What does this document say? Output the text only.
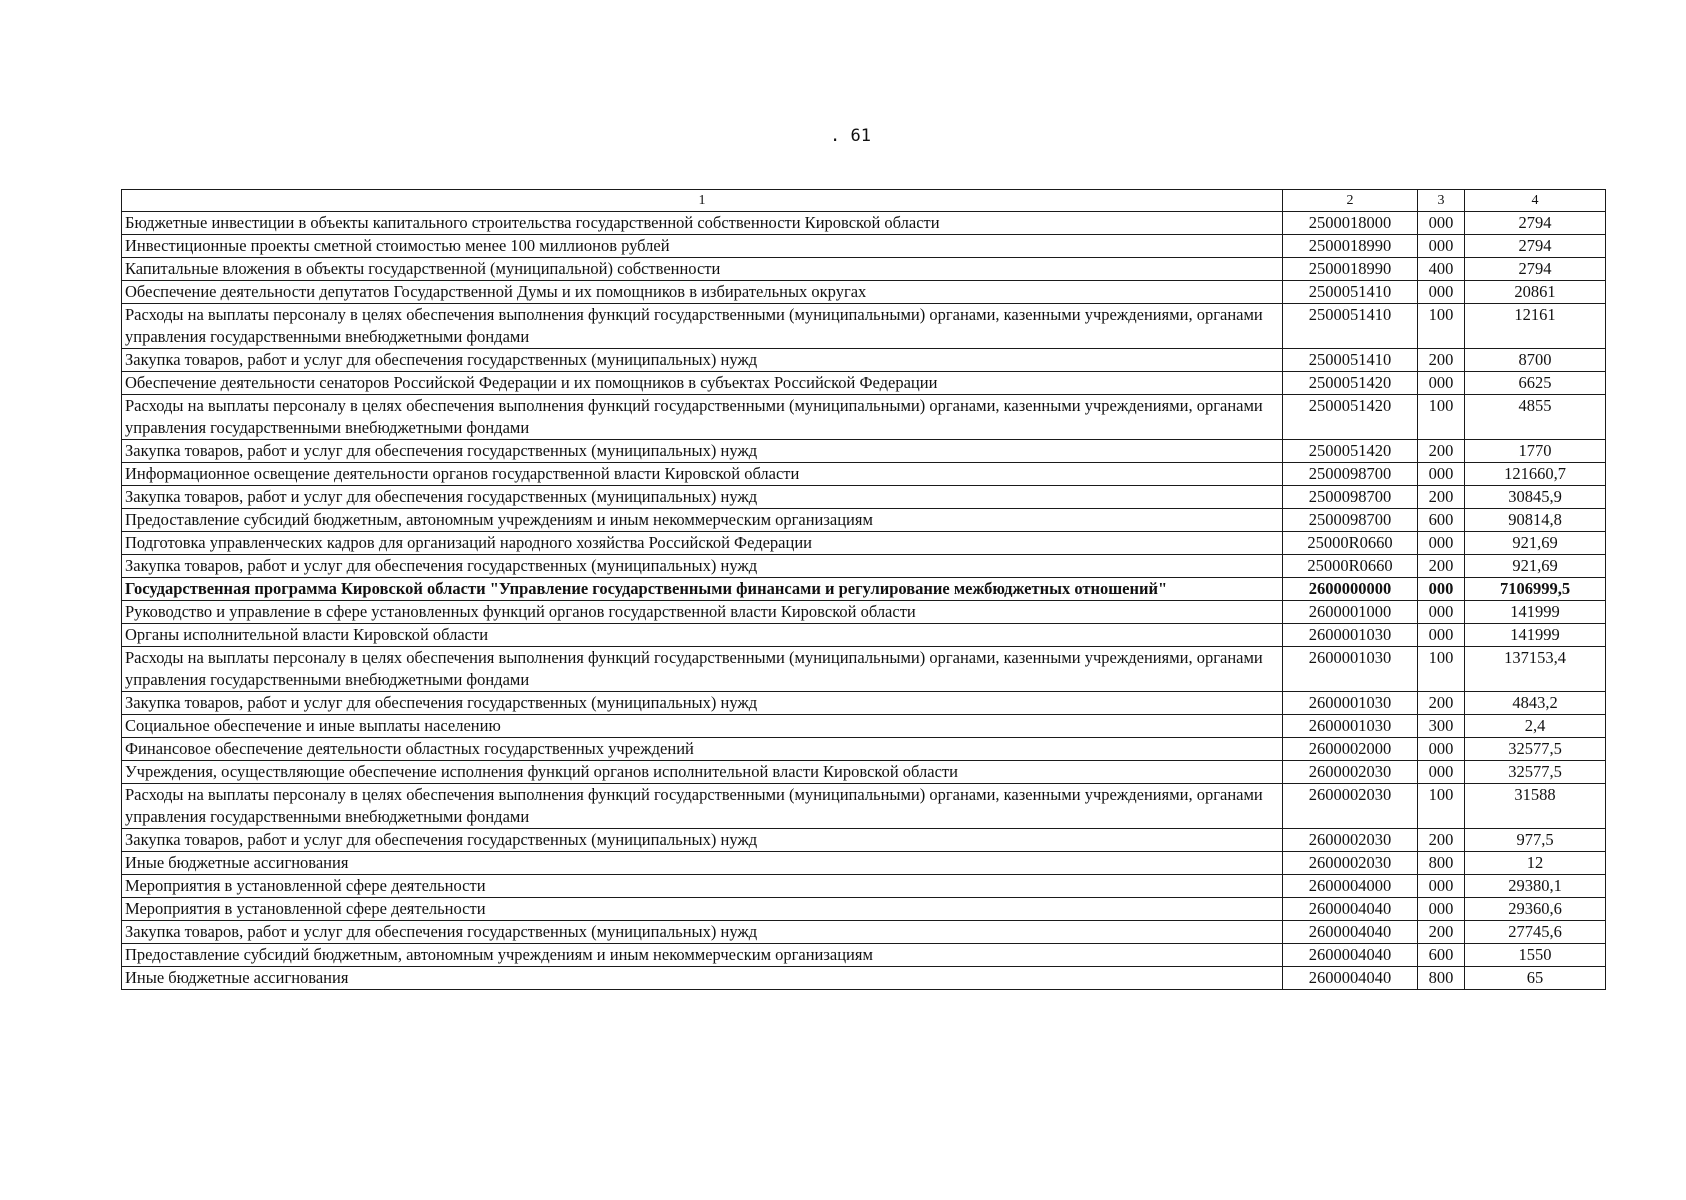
. 61
1	2	3	4
Бюджетные инвестиции в объекты капитального строительства государственной собственности Кировской области	2500018000	000	2794
Инвестиционные проекты сметной стоимостью менее 100 миллионов рублей	2500018990	000	2794
Капитальные вложения в объекты государственной (муниципальной) собственности	2500018990	400	2794
Обеспечение деятельности депутатов Государственной Думы и их помощников в избирательных округах	2500051410	000	20861
Расходы на выплаты персоналу в целях обеспечения выполнения функций государственными (муниципальными) органами, казенными учреждениями, органами управления государственными внебюджетными фондами	2500051410	100	12161
Закупка товаров, работ и услуг для обеспечения государственных (муниципальных) нужд	2500051410	200	8700
Обеспечение деятельности сенаторов Российской Федерации и их помощников в субъектах Российской Федерации	2500051420	000	6625
Расходы на выплаты персоналу в целях обеспечения выполнения функций государственными (муниципальными) органами, казенными учреждениями, органами управления государственными внебюджетными фондами	2500051420	100	4855
Закупка товаров, работ и услуг для обеспечения государственных (муниципальных) нужд	2500051420	200	1770
Информационное освещение деятельности органов государственной власти Кировской области	2500098700	000	121660,7
Закупка товаров, работ и услуг для обеспечения государственных (муниципальных) нужд	2500098700	200	30845,9
Предоставление субсидий бюджетным, автономным учреждениям и иным некоммерческим организациям	2500098700	600	90814,8
Подготовка управленческих кадров для организаций народного хозяйства Российской Федерации	25000R0660	000	921,69
Закупка товаров, работ и услуг для обеспечения государственных (муниципальных) нужд	25000R0660	200	921,69
Государственная программа Кировской области "Управление государственными финансами и регулирование межбюджетных отношений"	2600000000	000	7106999,5
Руководство и управление в сфере установленных функций органов государственной власти Кировской области	2600001000	000	141999
Органы исполнительной власти Кировской области	2600001030	000	141999
Расходы на выплаты персоналу в целях обеспечения выполнения функций государственными (муниципальными) органами, казенными учреждениями, органами управления государственными внебюджетными фондами	2600001030	100	137153,4
Закупка товаров, работ и услуг для обеспечения государственных (муниципальных) нужд	2600001030	200	4843,2
Социальное обеспечение и иные выплаты населению	2600001030	300	2,4
Финансовое обеспечение деятельности областных государственных учреждений	2600002000	000	32577,5
Учреждения, осуществляющие обеспечение исполнения функций органов исполнительной власти Кировской области	2600002030	000	32577,5
Расходы на выплаты персоналу в целях обеспечения выполнения функций государственными (муниципальными) органами, казенными учреждениями, органами управления государственными внебюджетными фондами	2600002030	100	31588
Закупка товаров, работ и услуг для обеспечения государственных (муниципальных) нужд	2600002030	200	977,5
Иные бюджетные ассигнования	2600002030	800	12
Мероприятия в установленной сфере деятельности	2600004000	000	29380,1
Мероприятия в установленной сфере деятельности	2600004040	000	29360,6
Закупка товаров, работ и услуг для обеспечения государственных (муниципальных) нужд	2600004040	200	27745,6
Предоставление субсидий бюджетным, автономным учреждениям и иным некоммерческим организациям	2600004040	600	1550
Иные бюджетные ассигнования	2600004040	800	65
